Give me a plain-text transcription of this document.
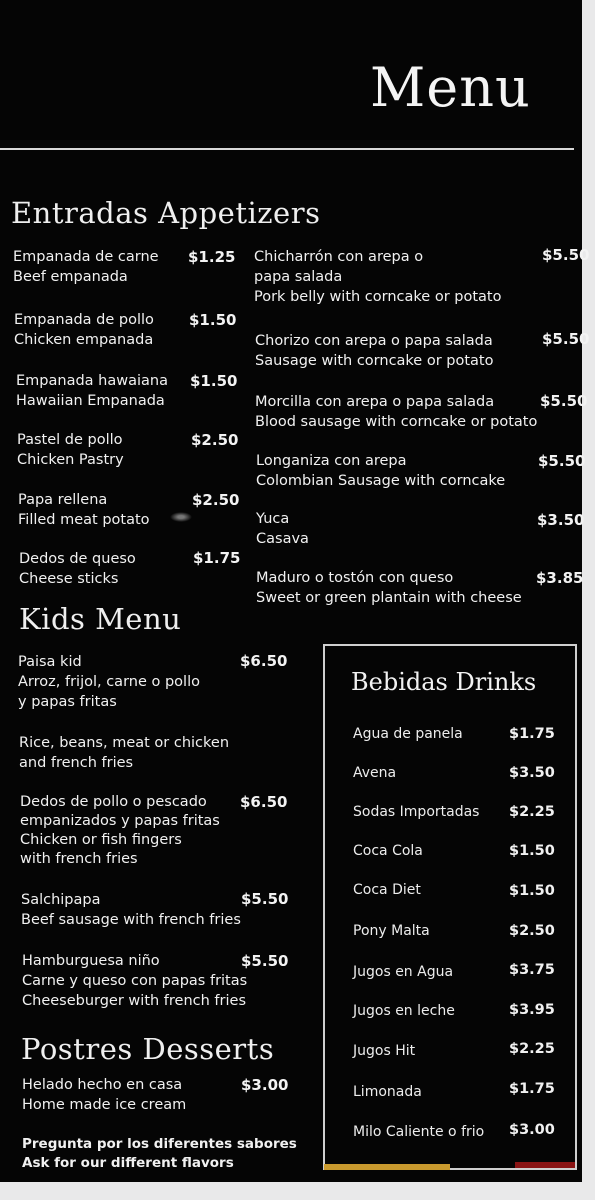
Menu
Entradas Appetizers
Empanada de carne
Beef empanada
$1.25
Empanada de pollo
Chicken empanada
$1.50
Empanada hawaiana
Hawaiian Empanada
$1.50
Pastel de pollo
Chicken Pastry
$2.50
Papa rellena
Filled meat potato
$2.50
Dedos de queso
Cheese sticks
$1.75
Chicharrón con arepa o
papa salada
Pork belly with corncake or potato
$5.50
Chorizo con arepa o papa salada
Sausage with corncake or potato
$5.50
Morcilla con arepa o papa salada
Blood sausage with corncake or potato
$5.50
Longaniza con arepa
Colombian Sausage with corncake
$5.50
Yuca
Casava
$3.50
Maduro o tostón con queso
Sweet or green plantain with cheese
$3.85
Kids Menu
Paisa kid
Arroz, frijol, carne o pollo
y papas fritas
$6.50
Rice, beans, meat or chicken
and french fries
Dedos de pollo o pescado
empanizados y papas fritas
Chicken or fish fingers
with french fries
$6.50
Salchipapa
Beef sausage with french fries
$5.50
Hamburguesa niño
Carne y queso con papas fritas
Cheeseburger with french fries
$5.50
Postres Desserts
Helado hecho en casa
Home made ice cream
$3.00
Pregunta por los diferentes sabores
Ask for our different flavors
Bebidas Drinks
Agua de panela	$1.75
Avena	$3.50
Sodas Importadas $2.25
Coca Cola	$1.50
Coca Diet	$1.50
Pony Malta	$2.50
Jugos en Agua	$3.75
Jugos en leche	$3.95
Jugos Hit	$2.25
Limonada	$1.75
Milo Caliente o frio $3.00
